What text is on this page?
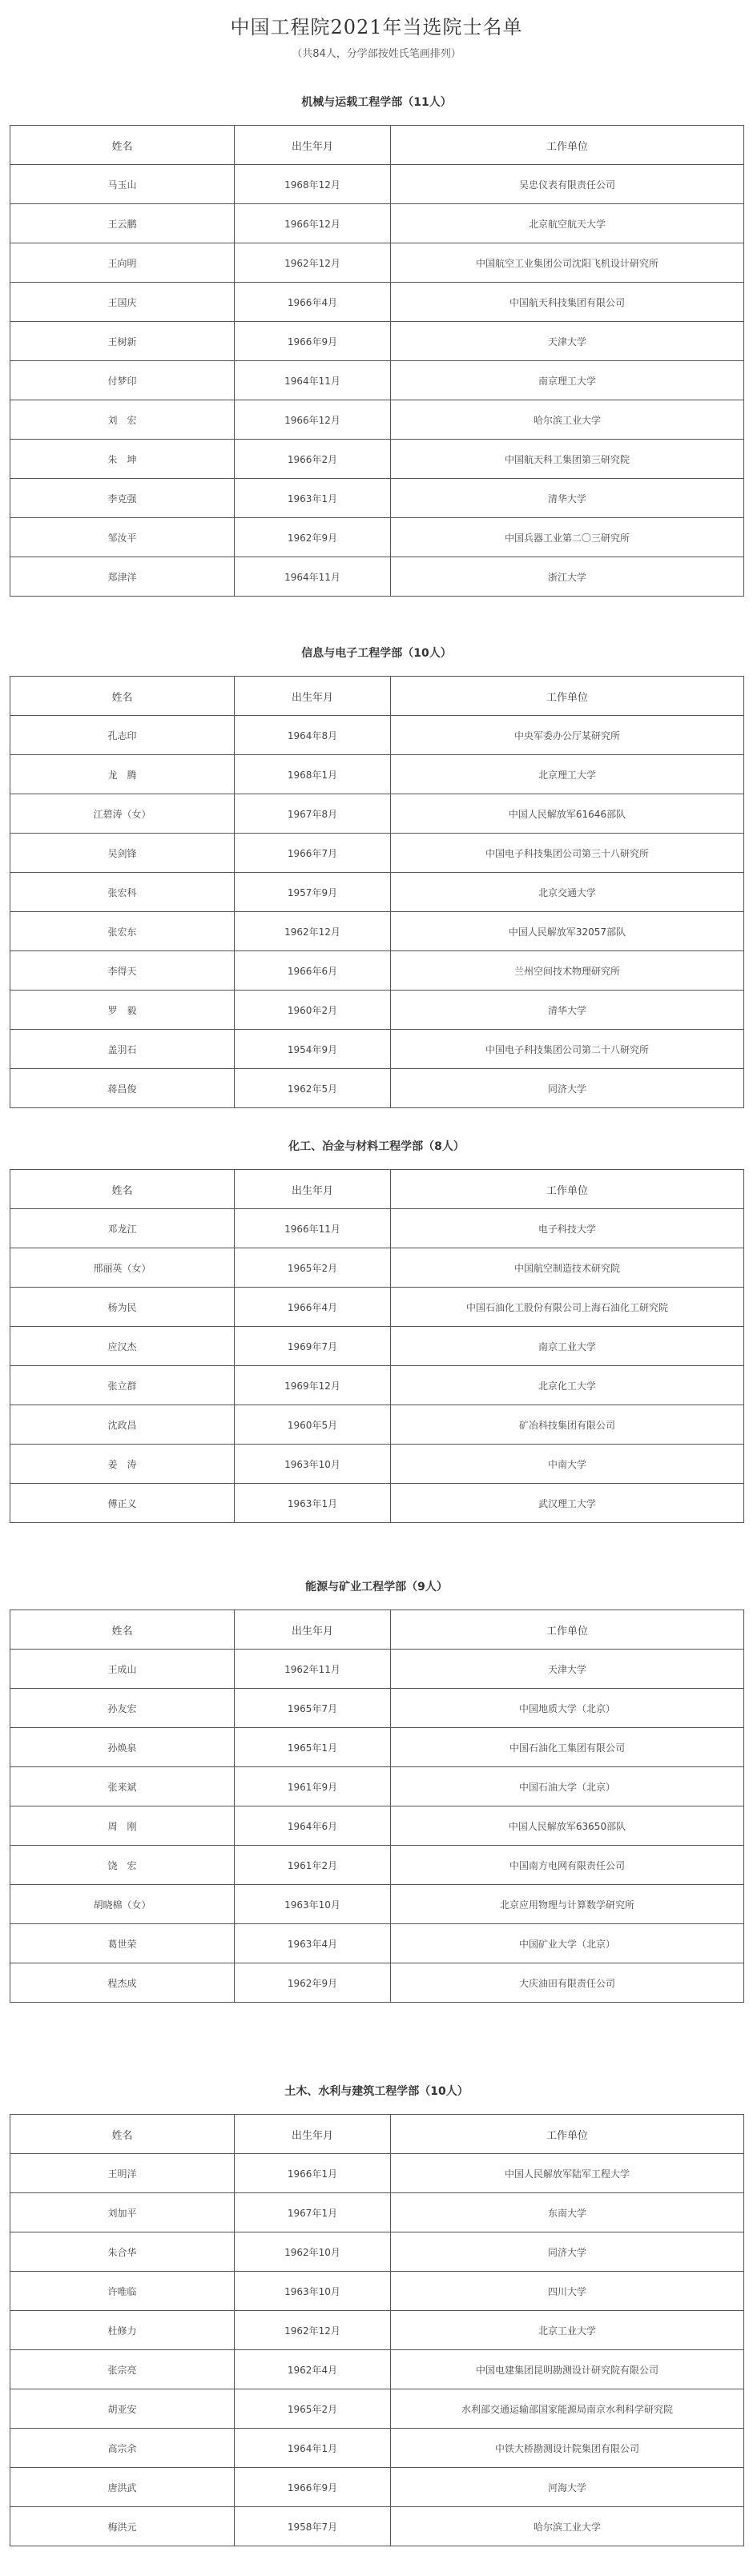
中国工程院2021年当选院士名单
（共84人，分学部按姓氏笔画排列）
机械与运载工程学部（11人）
姓名	出生年月	工作单位
马玉山	1968年12月	吴忠仪表有限责任公司
王云鹏	1966年12月	北京航空航天大学
王向明	1962年12月	中国航空工业集团公司沈阳飞机设计研究所
王国庆	1966年4月	中国航天科技集团有限公司
王树新	1966年9月	天津大学
付梦印	1964年11月	南京理工大学
刘　宏	1966年12月	哈尔滨工业大学
朱　坤	1966年2月	中国航天科工集团第三研究院
李克强	1963年1月	清华大学
邹汝平	1962年9月	中国兵器工业第二〇三研究所
郑津洋	1964年11月	浙江大学
信息与电子工程学部（10人）
姓名	出生年月	工作单位
孔志印	1964年8月	中央军委办公厅某研究所
龙　腾	1968年1月	北京理工大学
江碧涛（女）	1967年8月	中国人民解放军61646部队
吴剑锋	1966年7月	中国电子科技集团公司第三十八研究所
张宏科	1957年9月	北京交通大学
张宏东	1962年12月	中国人民解放军32057部队
李得天	1966年6月	兰州空间技术物理研究所
罗　毅	1960年2月	清华大学
盖羽石	1954年9月	中国电子科技集团公司第二十八研究所
蒋昌俊	1962年5月	同济大学
化工、冶金与材料工程学部（8人）
姓名	出生年月	工作单位
邓龙江	1966年11月	电子科技大学
邢丽英（女）	1965年2月	中国航空制造技术研究院
杨为民	1966年4月	中国石油化工股份有限公司上海石油化工研究院
应汉杰	1969年7月	南京工业大学
张立群	1969年12月	北京化工大学
沈政昌	1960年5月	矿冶科技集团有限公司
姜　涛	1963年10月	中南大学
傅正义	1963年1月	武汉理工大学
能源与矿业工程学部（9人）
姓名	出生年月	工作单位
王成山	1962年11月	天津大学
孙友宏	1965年7月	中国地质大学（北京）
孙焕泉	1965年1月	中国石油化工集团有限公司
张来斌	1961年9月	中国石油大学（北京）
周　刚	1964年6月	中国人民解放军63650部队
饶　宏	1961年2月	中国南方电网有限责任公司
胡晓棉（女）	1963年10月	北京应用物理与计算数学研究所
葛世荣	1963年4月	中国矿业大学（北京）
程杰成	1962年9月	大庆油田有限责任公司
土木、水利与建筑工程学部（10人）
姓名	出生年月	工作单位
王明洋	1966年1月	中国人民解放军陆军工程大学
刘加平	1967年1月	东南大学
朱合华	1962年10月	同济大学
许唯临	1963年10月	四川大学
杜修力	1962年12月	北京工业大学
张宗亮	1962年4月	中国电建集团昆明勘测设计研究院有限公司
胡亚安	1965年2月	水利部交通运输部国家能源局南京水利科学研究院
高宗余	1964年1月	中铁大桥勘测设计院集团有限公司
唐洪武	1966年9月	河海大学
梅洪元	1958年7月	哈尔滨工业大学
